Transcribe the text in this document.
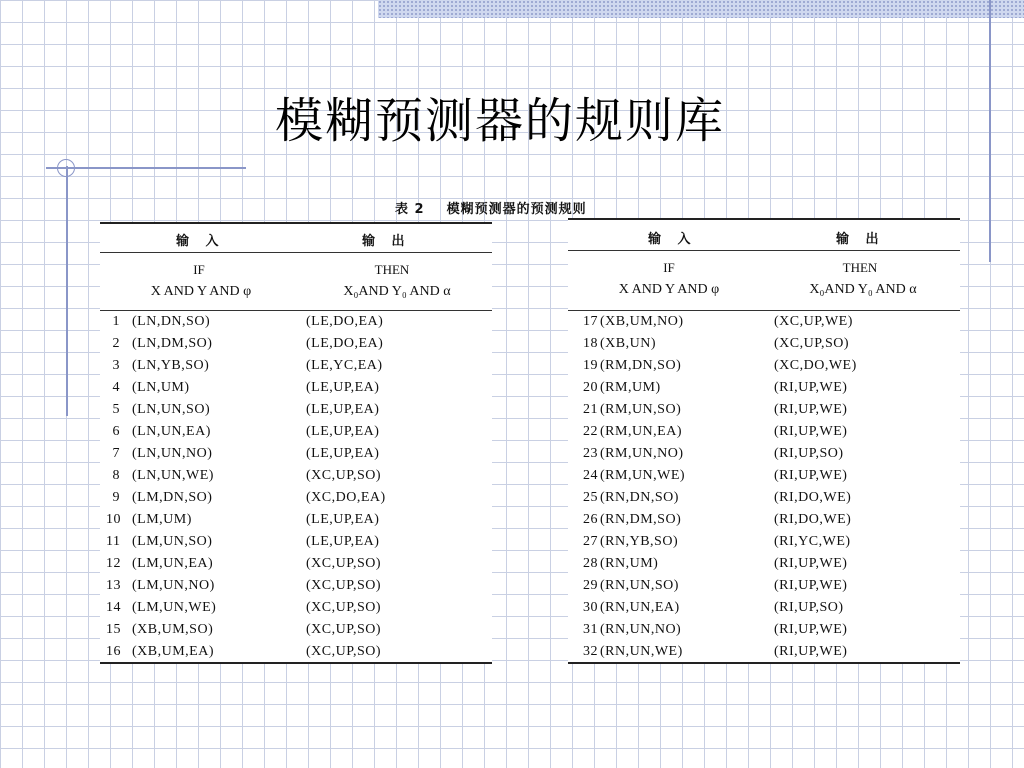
模糊预测器的规则库
表 2 模糊预测器的预测规则
输 入	输 出
IF	THEN
X AND Y AND φ	X₀AND Y₀ AND α
1 (LN,DN,SO)	(LE,DO,EA)
2 (LN,DM,SO)	(LE,DO,EA)
3 (LN,YB,SO)	(LE,YC,EA)
4 (LN,UM)	(LE,UP,EA)
5 (LN,UN,SO)	(LE,UP,EA)
6 (LN,UN,EA)	(LE,UP,EA)
7 (LN,UN,NO)	(LE,UP,EA)
8 (LN,UN,WE)	(XC,UP,SO)
9 (LM,DN,SO)	(XC,DO,EA)
10 (LM,UM)	(LE,UP,EA)
11 (LM,UN,SO)	(LE,UP,EA)
12 (LM,UN,EA)	(XC,UP,SO)
13 (LM,UN,NO)	(XC,UP,SO)
14 (LM,UN,WE)	(XC,UP,SO)
15 (XB,UM,SO)	(XC,UP,SO)
16 (XB,UM,EA)	(XC,UP,SO)
输 入	输 出
IF	THEN
X AND Y AND φ	X₀AND Y₀ AND α
17 (XB,UM,NO)	(XC,UP,WE)
18 (XB,UN)	(XC,UP,SO)
19 (RM,DN,SO)	(XC,DO,WE)
20 (RM,UM)	(RI,UP,WE)
21 (RM,UN,SO)	(RI,UP,WE)
22 (RM,UN,EA)	(RI,UP,WE)
23 (RM,UN,NO)	(RI,UP,SO)
24 (RM,UN,WE)	(RI,UP,WE)
25 (RN,DN,SO)	(RI,DO,WE)
26 (RN,DM,SO)	(RI,DO,WE)
27 (RN,YB,SO)	(RI,YC,WE)
28 (RN,UM)	(RI,UP,WE)
29 (RN,UN,SO)	(RI,UP,WE)
30 (RN,UN,EA)	(RI,UP,SO)
31 (RN,UN,NO)	(RI,UP,WE)
32 (RN,UN,WE)	(RI,UP,WE)
